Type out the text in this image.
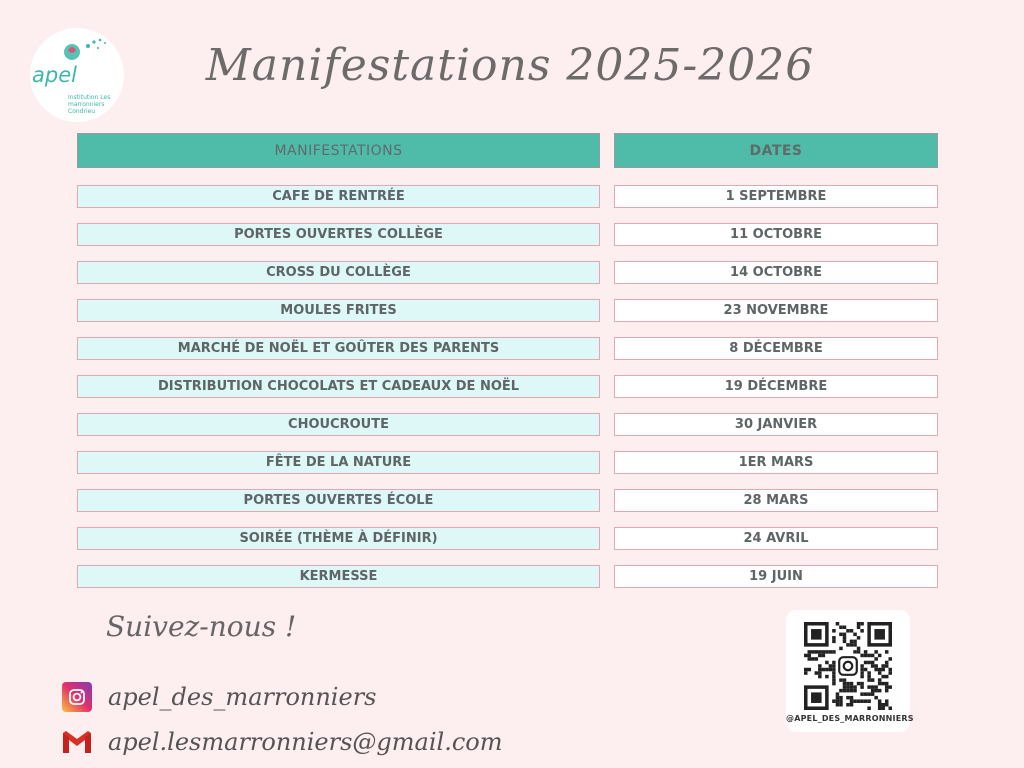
apel
Institution Les marronniers Condrieu
Manifestations 2025-2026
MANIFESTATIONS	DATES
CAFE DE RENTRÉE	1 SEPTEMBRE
PORTES OUVERTES COLLÈGE	11 OCTOBRE
CROSS DU COLLÈGE	14 OCTOBRE
MOULES FRITES	23 NOVEMBRE
MARCHÉ DE NOËL ET GOÛTER DES PARENTS	8 DÉCEMBRE
DISTRIBUTION CHOCOLATS ET CADEAUX DE NOËL	19 DÉCEMBRE
CHOUCROUTE	30 JANVIER
FÊTE DE LA NATURE	1ER MARS
PORTES OUVERTES ÉCOLE	28 MARS
SOIRÉE (THÈME À DÉFINIR)	24 AVRIL
KERMESSE	19 JUIN
Suivez-nous !
apel_des_marronniers
apel.lesmarronniers@gmail.com
@APEL_DES_MARRONNIERS
